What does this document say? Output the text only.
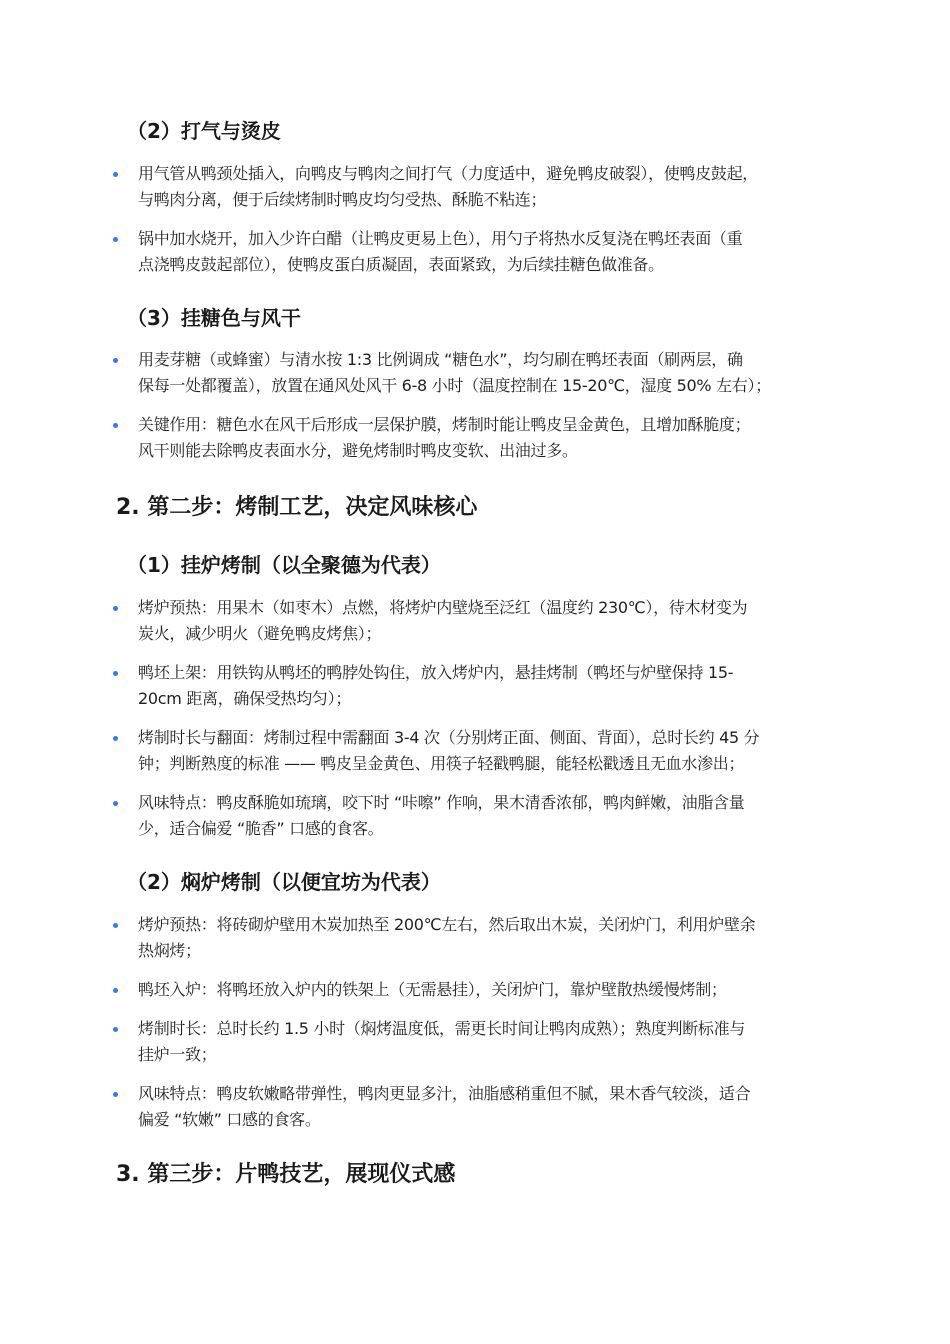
（2）打气与烫皮
用气管从鸭颈处插入，向鸭皮与鸭肉之间打气（力度适中，避免鸭皮破裂），使鸭皮鼓起，
与鸭肉分离，便于后续烤制时鸭皮均匀受热、酥脆不粘连；
锅中加水烧开，加入少许白醋（让鸭皮更易上色），用勺子将热水反复浇在鸭坯表面（重
点浇鸭皮鼓起部位），使鸭皮蛋白质凝固，表面紧致，为后续挂糖色做准备。
（3）挂糖色与风干
用麦芽糖（或蜂蜜）与清水按 1:3 比例调成 “糖色水”，均匀刷在鸭坯表面（刷两层，确
保每一处都覆盖），放置在通风处风干 6-8 小时（温度控制在 15-20℃，湿度 50% 左右）；
关键作用：糖色水在风干后形成一层保护膜，烤制时能让鸭皮呈金黄色，且增加酥脆度；
风干则能去除鸭皮表面水分，避免烤制时鸭皮变软、出油过多。
2. 第二步：烤制工艺，决定风味核心
（1）挂炉烤制（以全聚德为代表）
烤炉预热：用果木（如枣木）点燃，将烤炉内壁烧至泛红（温度约 230℃），待木材变为
炭火，减少明火（避免鸭皮烤焦）；
鸭坯上架：用铁钩从鸭坯的鸭脖处钩住，放入烤炉内，悬挂烤制（鸭坯与炉壁保持 15-
20cm 距离，确保受热均匀）；
烤制时长与翻面：烤制过程中需翻面 3-4 次（分别烤正面、侧面、背面），总时长约 45 分
钟；判断熟度的标准 —— 鸭皮呈金黄色、用筷子轻戳鸭腿，能轻松戳透且无血水渗出；
风味特点：鸭皮酥脆如琉璃，咬下时 “咔嚓” 作响，果木清香浓郁，鸭肉鲜嫩，油脂含量
少，适合偏爱 “脆香” 口感的食客。
（2）焖炉烤制（以便宜坊为代表）
烤炉预热：将砖砌炉壁用木炭加热至 200℃左右，然后取出木炭，关闭炉门，利用炉壁余
热焖烤；
鸭坯入炉：将鸭坯放入炉内的铁架上（无需悬挂），关闭炉门，靠炉壁散热缓慢烤制；
烤制时长：总时长约 1.5 小时（焖烤温度低，需更长时间让鸭肉成熟）；熟度判断标准与
挂炉一致；
风味特点：鸭皮软嫩略带弹性，鸭肉更显多汁，油脂感稍重但不腻，果木香气较淡，适合
偏爱 “软嫩” 口感的食客。
3. 第三步：片鸭技艺，展现仪式感
